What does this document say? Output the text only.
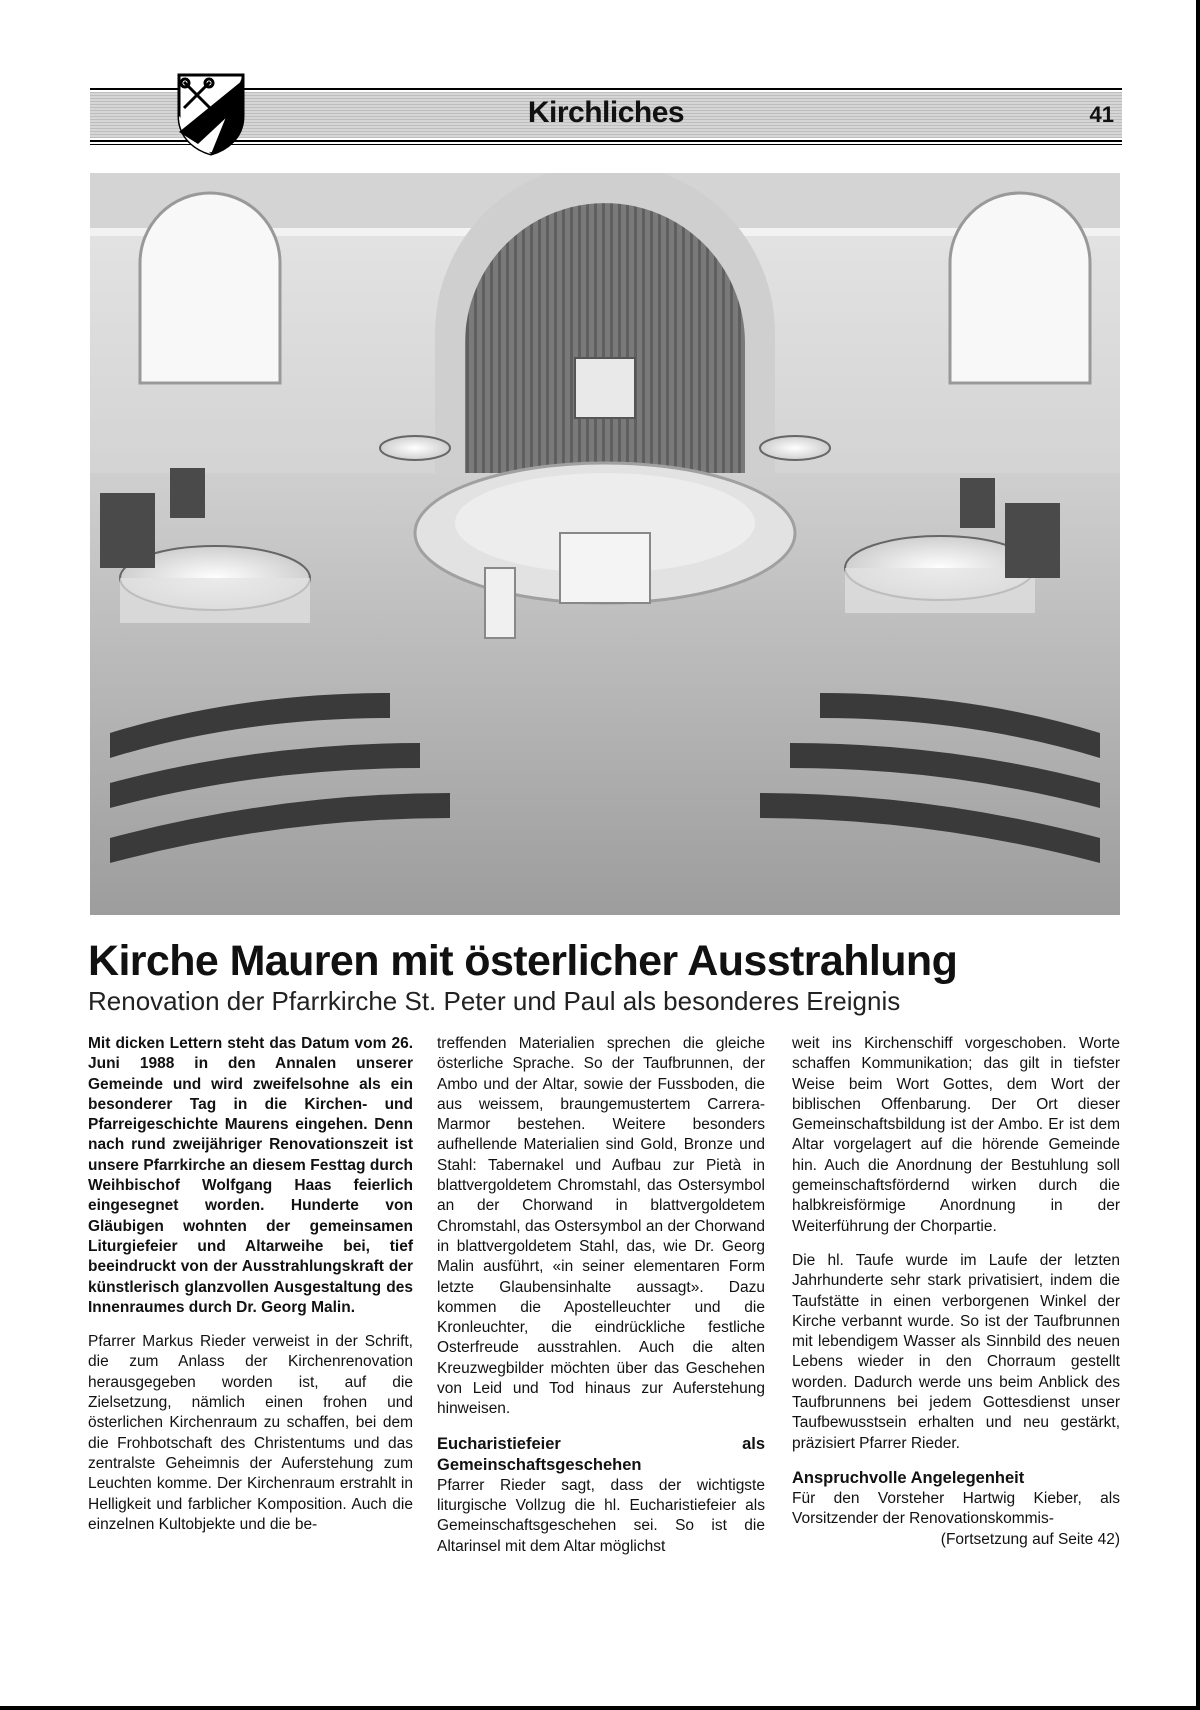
Kirchliches	41
Kirche Mauren mit österlicher Ausstrahlung
Renovation der Pfarrkirche St. Peter und Paul als besonderes Ereignis

Mit dicken Lettern steht das Datum vom 26. Juni 1988 in den Annalen unserer Gemeinde und wird zweifelsohne als ein besonderer Tag in die Kirchen- und Pfarreigeschichte Maurens eingehen. Denn nach rund zweijähriger Renovationszeit ist unsere Pfarrkirche an diesem Festtag durch Weihbischof Wolfgang Haas feierlich eingesegnet worden. Hunderte von Gläubigen wohnten der gemeinsamen Liturgiefeier und Altarweihe bei, tief beeindruckt von der Ausstrahlungskraft der künstlerisch glanzvollen Ausgestaltung des Innenraumes durch Dr. Georg Malin.

Pfarrer Markus Rieder verweist in der Schrift, die zum Anlass der Kirchenrenovation herausgegeben worden ist, auf die Zielsetzung, nämlich einen frohen und österlichen Kirchenraum zu schaffen, bei dem die Frohbotschaft des Christentums und das zentralste Geheimnis der Auferstehung zum Leuchten komme. Der Kirchenraum erstrahlt in Helligkeit und farblicher Komposition. Auch die einzelnen Kultobjekte und die be-

treffenden Materialien sprechen die gleiche österliche Sprache. So der Taufbrunnen, der Ambo und der Altar, sowie der Fussboden, die aus weissem, braungemustertem Carrera-Marmor bestehen. Weitere besonders aufhellende Materialien sind Gold, Bronze und Stahl: Tabernakel und Aufbau zur Pietà in blattvergoldetem Chromstahl, das Ostersymbol an der Chorwand in blattvergoldetem Chromstahl, das Ostersymbol an der Chorwand in blattvergoldetem Stahl, das, wie Dr. Georg Malin ausführt, «in seiner elementaren Form letzte Glaubensinhalte aussagt». Dazu kommen die Apostelleuchter und die Kronleuchter, die eindrückliche festliche Osterfreude ausstrahlen. Auch die alten Kreuzwegbilder möchten über das Geschehen von Leid und Tod hinaus zur Auferstehung hinweisen.

Eucharistiefeier als Gemeinschaftsgeschehen

Pfarrer Rieder sagt, dass der wichtigste liturgische Vollzug die hl. Eucharistiefeier als Gemeinschaftsgeschehen sei. So ist die Altarinsel mit dem Altar möglichst

weit ins Kirchenschiff vorgeschoben. Worte schaffen Kommunikation; das gilt in tiefster Weise beim Wort Gottes, dem Wort der biblischen Offenbarung. Der Ort dieser Gemeinschaftsbildung ist der Ambo. Er ist dem Altar vorgelagert auf die hörende Gemeinde hin. Auch die Anordnung der Bestuhlung soll gemeinschaftsfördernd wirken durch die halbkreisförmige Anordnung in der Weiterführung der Chorpartie.

Die hl. Taufe wurde im Laufe der letzten Jahrhunderte sehr stark privatisiert, indem die Taufstätte in einen verborgenen Winkel der Kirche verbannt wurde. So ist der Taufbrunnen mit lebendigem Wasser als Sinnbild des neuen Lebens wieder in den Chorraum gestellt worden. Dadurch werde uns beim Anblick des Taufbrunnens bei jedem Gottesdienst unser Taufbewusstsein erhalten und neu gestärkt, präzisiert Pfarrer Rieder.

Anspruchvolle Angelegenheit

Für den Vorsteher Hartwig Kieber, als Vorsitzender der Renovationskommis-

(Fortsetzung auf Seite 42)
